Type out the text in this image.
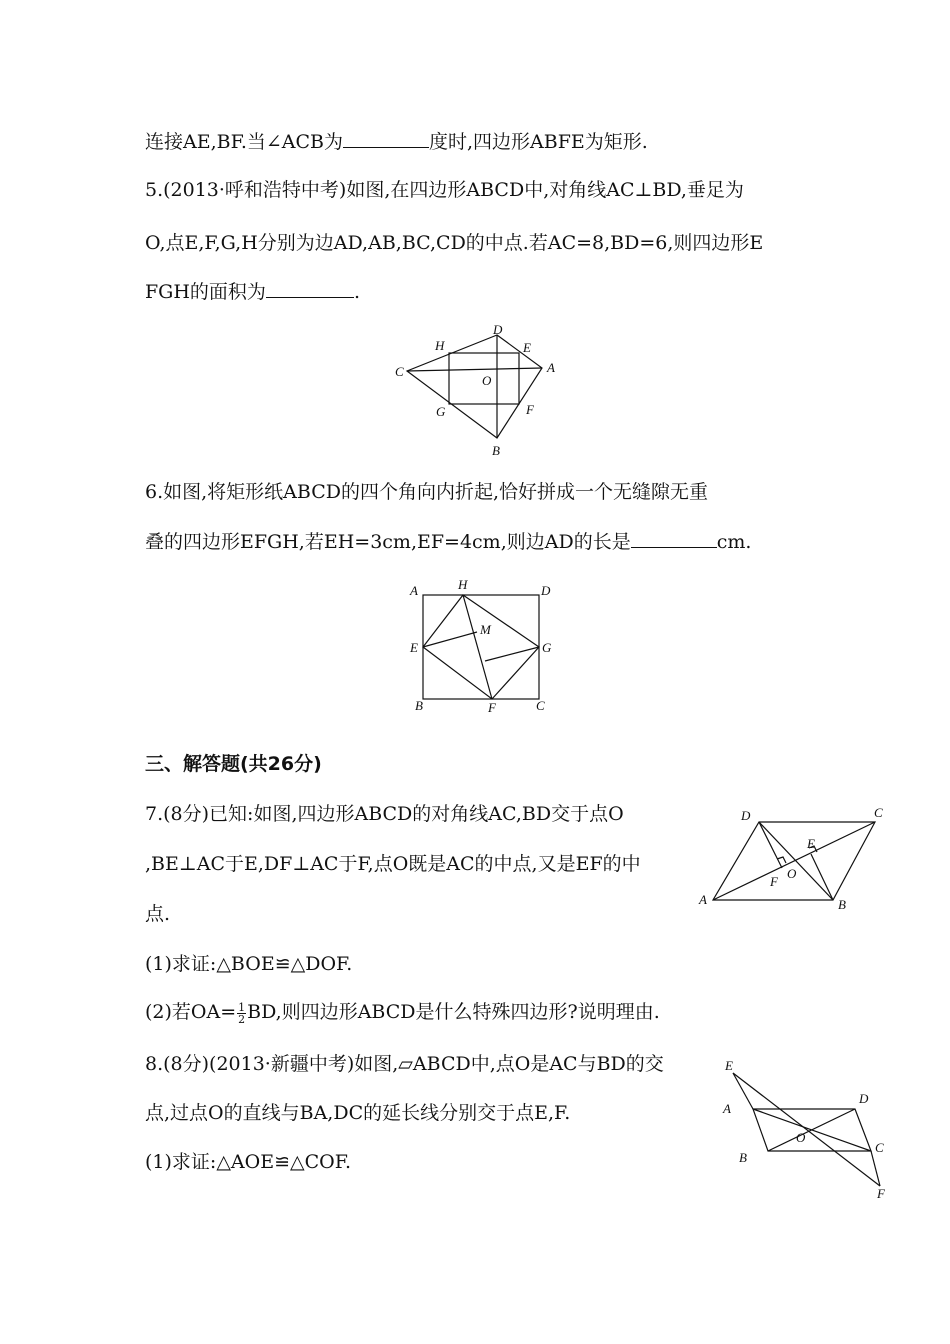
连接AE,BF.当∠ACB为	度时,四边形ABFE为矩形.
5.(2013·呼和浩特中考)如图,在四边形ABCD中,对角线AC⊥BD,垂足为
O,点E,F,G,H分别为边AD,AB,BC,CD的中点.若AC=8,BD=6,则四边形E
FGH的面积为	.
D
H	E
C	A
O
G	F
B
6.如图,将矩形纸ABCD的四个角向内折起,恰好拼成一个无缝隙无重
叠的四边形EFGH,若EH=3cm,EF=4cm,则边AD的长是	cm.
A	H	D
M
E	G
B	F	C
三、解答题(共26分)
7.(8分)已知:如图,四边形ABCD的对角线AC,BD交于点O
,BE⊥AC于E,DF⊥AC于F,点O既是AC的中点,又是EF的中
点.
(1)求证:△BOE≌△DOF.
(2)若$OA= \frac{1}{2}$ BD,则四边形ABCD是什么特殊四边形?说明理由.
D	C
E
F
O
A	B
8.(8分)(2013·新疆中考)如图,▱ABCD中,点O是AC与BD的交
点,过点O的直线与BA,DC的延长线分别交于点E,F.
(1)求证:△AOE≌△COF.
E
D
A
O
C
B
F
